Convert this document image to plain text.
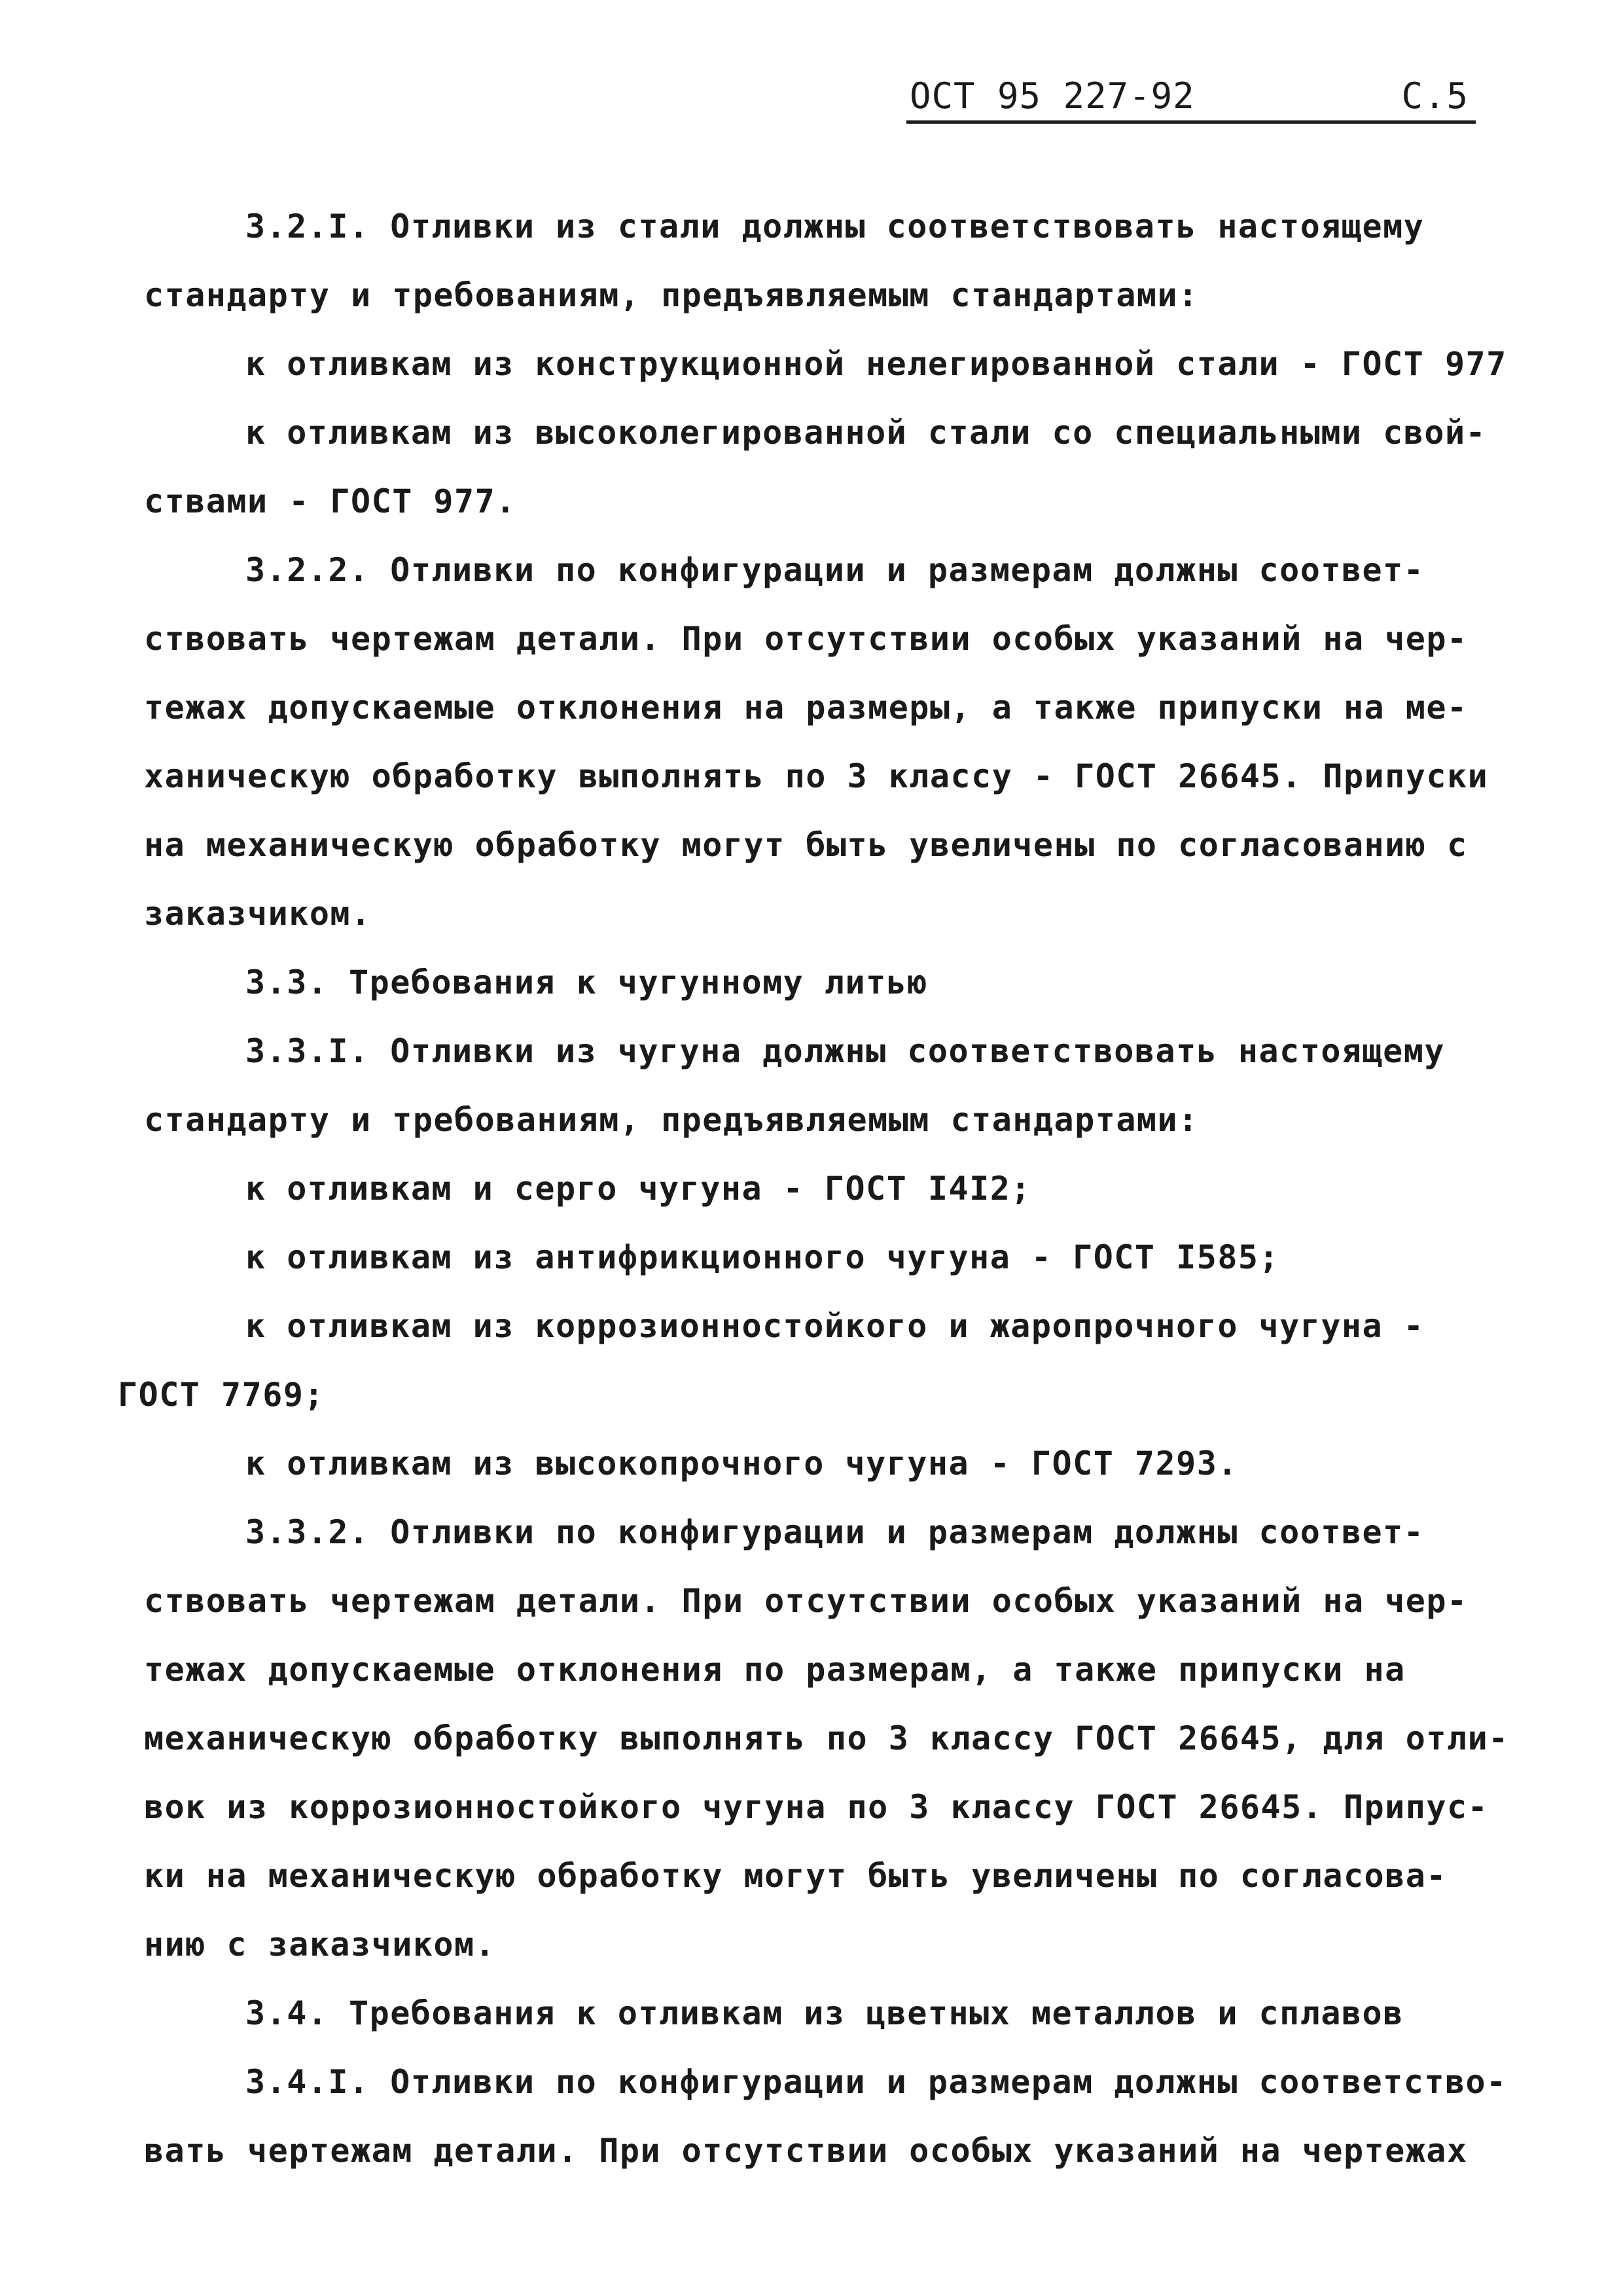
ОСТ 95 227-92	С.5
3.2.I. Отливки из стали должны соответствовать настоящему
стандарту и требованиям, предъявляемым стандартами:
к отливкам из конструкционной нелегированной стали - ГОСТ 977
к отливкам из высоколегированной стали со специальными свой-
ствами - ГОСТ 977.
3.2.2. Отливки по конфигурации и размерам должны соответ-
ствовать чертежам детали. При отсутствии особых указаний на чер-
тежах допускаемые отклонения на размеры, а также припуски на ме-
ханическую обработку выполнять по 3 классу - ГОСТ 26645. Припуски
на механическую обработку могут быть увеличены по согласованию с
заказчиком.
3.3. Требования к чугунному литью
3.3.I. Отливки из чугуна должны соответствовать настоящему
стандарту и требованиям, предъявляемым стандартами:
к отливкам и серго чугуна - ГОСТ I4I2;
к отливкам из антифрикционного чугуна - ГОСТ I585;
к отливкам из коррозионностойкого и жаропрочного чугуна -
ГОСТ 7769;
к отливкам из высокопрочного чугуна - ГОСТ 7293.
3.3.2. Отливки по конфигурации и размерам должны соответ-
ствовать чертежам детали. При отсутствии особых указаний на чер-
тежах допускаемые отклонения по размерам, а также припуски на
механическую обработку выполнять по 3 классу ГОСТ 26645, для отли-
вок из коррозионностойкого чугуна по 3 классу ГОСТ 26645. Припус-
ки на механическую обработку могут быть увеличены по согласова-
нию с заказчиком.
3.4. Требования к отливкам из цветных металлов и сплавов
3.4.I. Отливки по конфигурации и размерам должны соответство-
вать чертежам детали. При отсутствии особых указаний на чертежах
